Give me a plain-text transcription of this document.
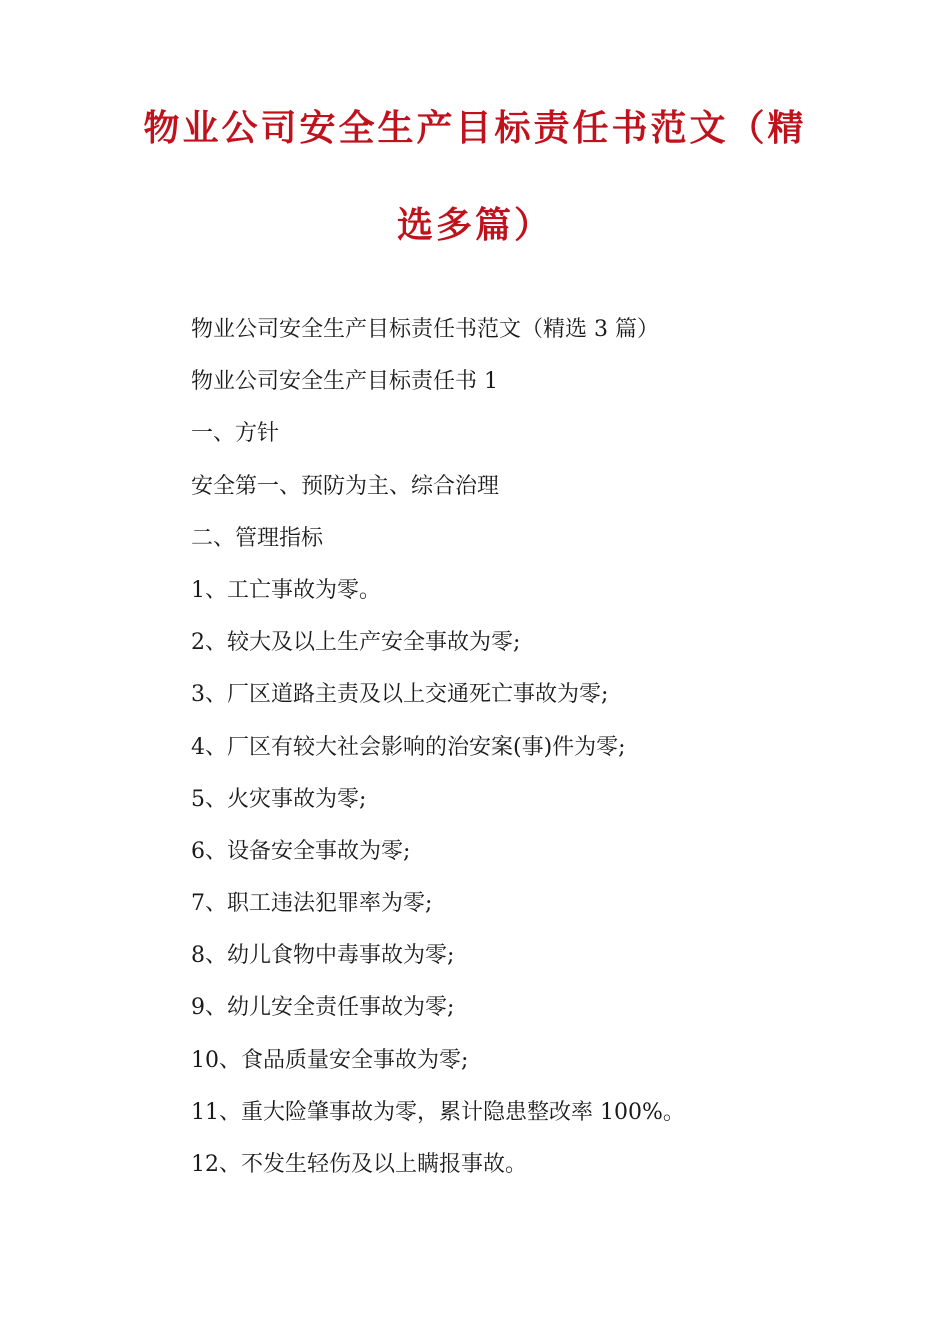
物业公司安全生产目标责任书范文（精
选多篇）

物业公司安全生产目标责任书范文（精选 3 篇）

物业公司安全生产目标责任书 1

一、方针

安全第一、预防为主、综合治理

二、管理指标

1、工亡事故为零。

2、较大及以上生产安全事故为零;

3、厂区道路主责及以上交通死亡事故为零;

4、厂区有较大社会影响的治安案(事)件为零;

5、火灾事故为零;

6、设备安全事故为零;

7、职工违法犯罪率为零;

8、幼儿食物中毒事故为零;

9、幼儿安全责任事故为零;

10、食品质量安全事故为零;

11、重大险肇事故为零，累计隐患整改率 100%。

12、不发生轻伤及以上瞒报事故。
